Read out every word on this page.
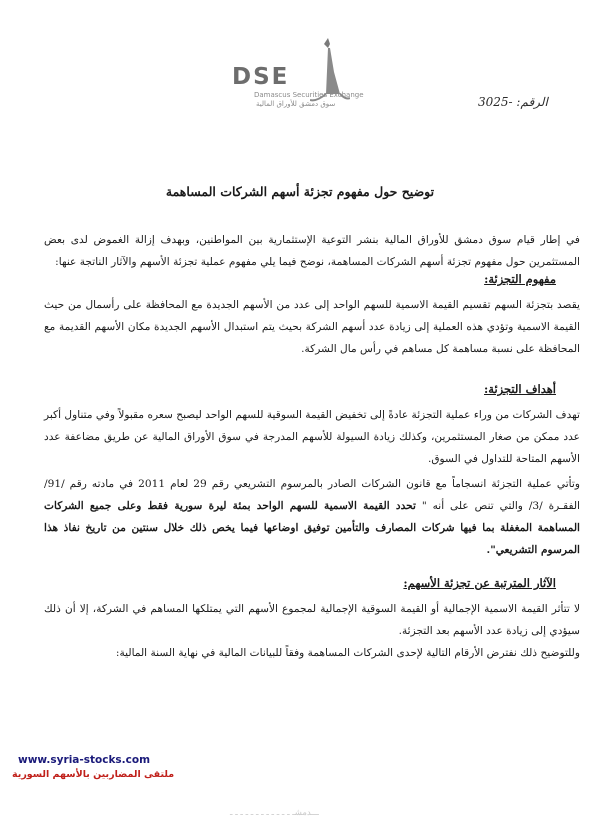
DSE
Damascus Securities Exchange
سوق دمشق للأوراق المالية	الرقم: -3025
توضيح حول مفهوم تجزئة أسهم الشركات المساهمة
في إطار قيام سوق دمشق للأوراق المالية بنشر التوعية الإستثمارية بين المواطنين، وبهدف إزالة الغموض لدى بعض المستثمرين حول مفهوم تجزئة أسهم الشركات المساهمة، نوضح فيما يلي مفهوم عملية تجزئة الأسهم والآثار الناتجة عنها:
مفهوم التجزئة:
يقصد بتجزئة السهم تقسيم القيمة الاسمية للسهم الواحد إلى عدد من الأسهم الجديدة مع المحافظة على رأسمال من حيث القيمة الاسمية وتؤدي هذه العملية إلى زيادة عدد أسهم الشركة بحيث يتم استبدال الأسهم الجديدة مكان الأسهم القديمة مع المحافظة على نسبة مساهمة كل مساهم في رأس مال الشركة.
أهداف التجزئة:
تهدف الشركات من وراء عملية التجزئة عادةً إلى تخفيض القيمة السوقية للسهم الواحد ليصبح سعره مقبولاً وفي متناول أكبر عدد ممكن من صغار المستثمرين، وكذلك زيادة السيولة للأسهم المدرجة في سوق الأوراق المالية عن طريق مضاعفة عدد الأسهم المتاحة للتداول في السوق.
وتأتي عملية التجزئة انسجاماً مع قانون الشركات الصادر بالمرسوم التشريعي رقم 29 لعام 2011 في مادته رقم /91/ الفقـرة /3/ والتي تنص على أنه " تحدد القيمة الاسمية للسهم الواحد بمئة ليرة سورية فقط وعلى جميع الشركات المساهمة المغفلة بما فيها شركات المصارف والتأمين توفيق اوضاعها فيما يخص ذلك خلال سنتين من تاريخ نفاذ هذا المرسوم التشريعي".
الآثار المترتبة عن تجزئة الأسهم:
لا تتأثر القيمة الاسمية الإجمالية أو القيمة السوقية الإجمالية لمجموع الأسهم التي يمتلكها المساهم في الشركة، إلا أن ذلك سيؤدي إلى زيادة عدد الأسهم بعد التجزئة.
وللتوضيح ذلك نفترض الأرقام التالية لإحدى الشركات المساهمة وفقاً للبيانات المالية في نهاية السنة المالية:
www.syria-stocks.com
ملتقى المضاربين بالأسهم السورية
ـــدمشـ ـ ـ ـ ـ ـ ـ ـ ـ ـ ـ ـ ـ
